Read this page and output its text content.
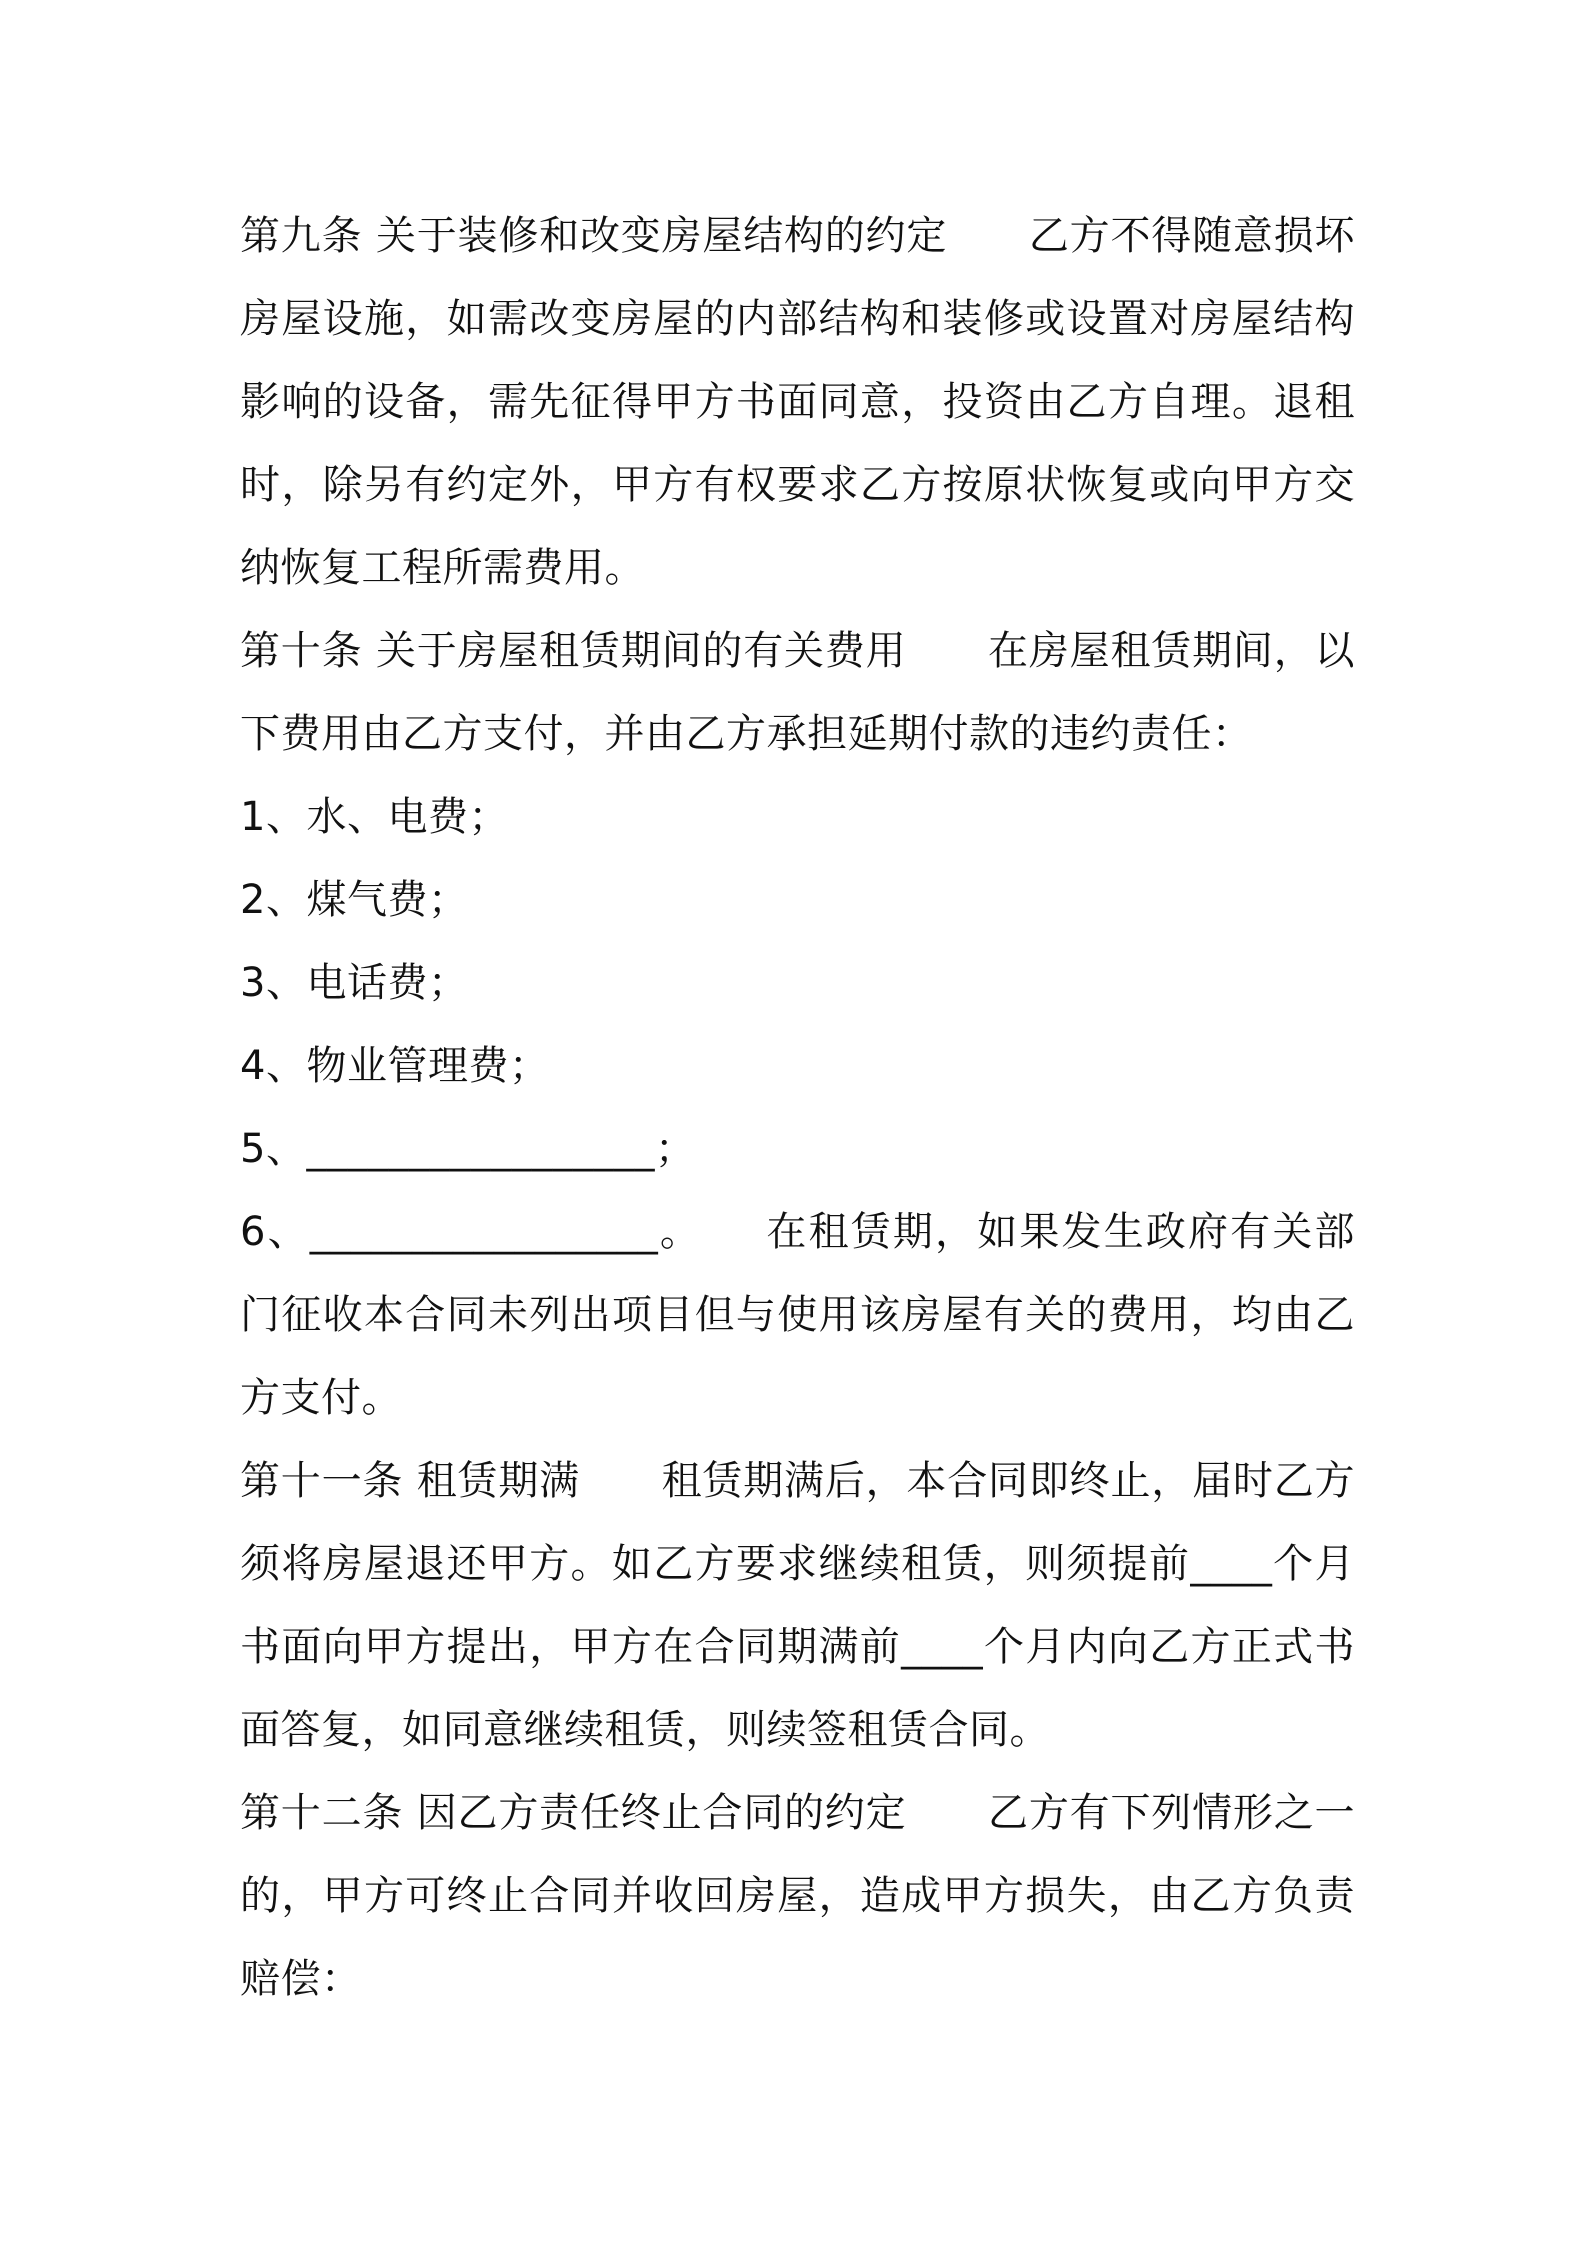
第九条 关于装修和改变房屋结构的约定　　乙方不得随意损坏房屋设施，如需改变房屋的内部结构和装修或设置对房屋结构影响的设备，需先征得甲方书面同意，投资由乙方自理。退租时，除另有约定外，甲方有权要求乙方按原状恢复或向甲方交纳恢复工程所需费用。

第十条 关于房屋租赁期间的有关费用　　在房屋租赁期间，以下费用由乙方支付，并由乙方承担延期付款的违约责任：

1、水、电费；

2、煤气费；

3、电话费；

4、物业管理费；

5、_________________；

6、_________________。　　在租赁期，如果发生政府有关部门征收本合同未列出项目但与使用该房屋有关的费用，均由乙方支付。

第十一条 租赁期满　　租赁期满后，本合同即终止，届时乙方须将房屋退还甲方。如乙方要求继续租赁，则须提前____个月书面向甲方提出，甲方在合同期满前____个月内向乙方正式书面答复，如同意继续租赁，则续签租赁合同。

第十二条 因乙方责任终止合同的约定　　乙方有下列情形之一的，甲方可终止合同并收回房屋，造成甲方损失，由乙方负责赔偿：
